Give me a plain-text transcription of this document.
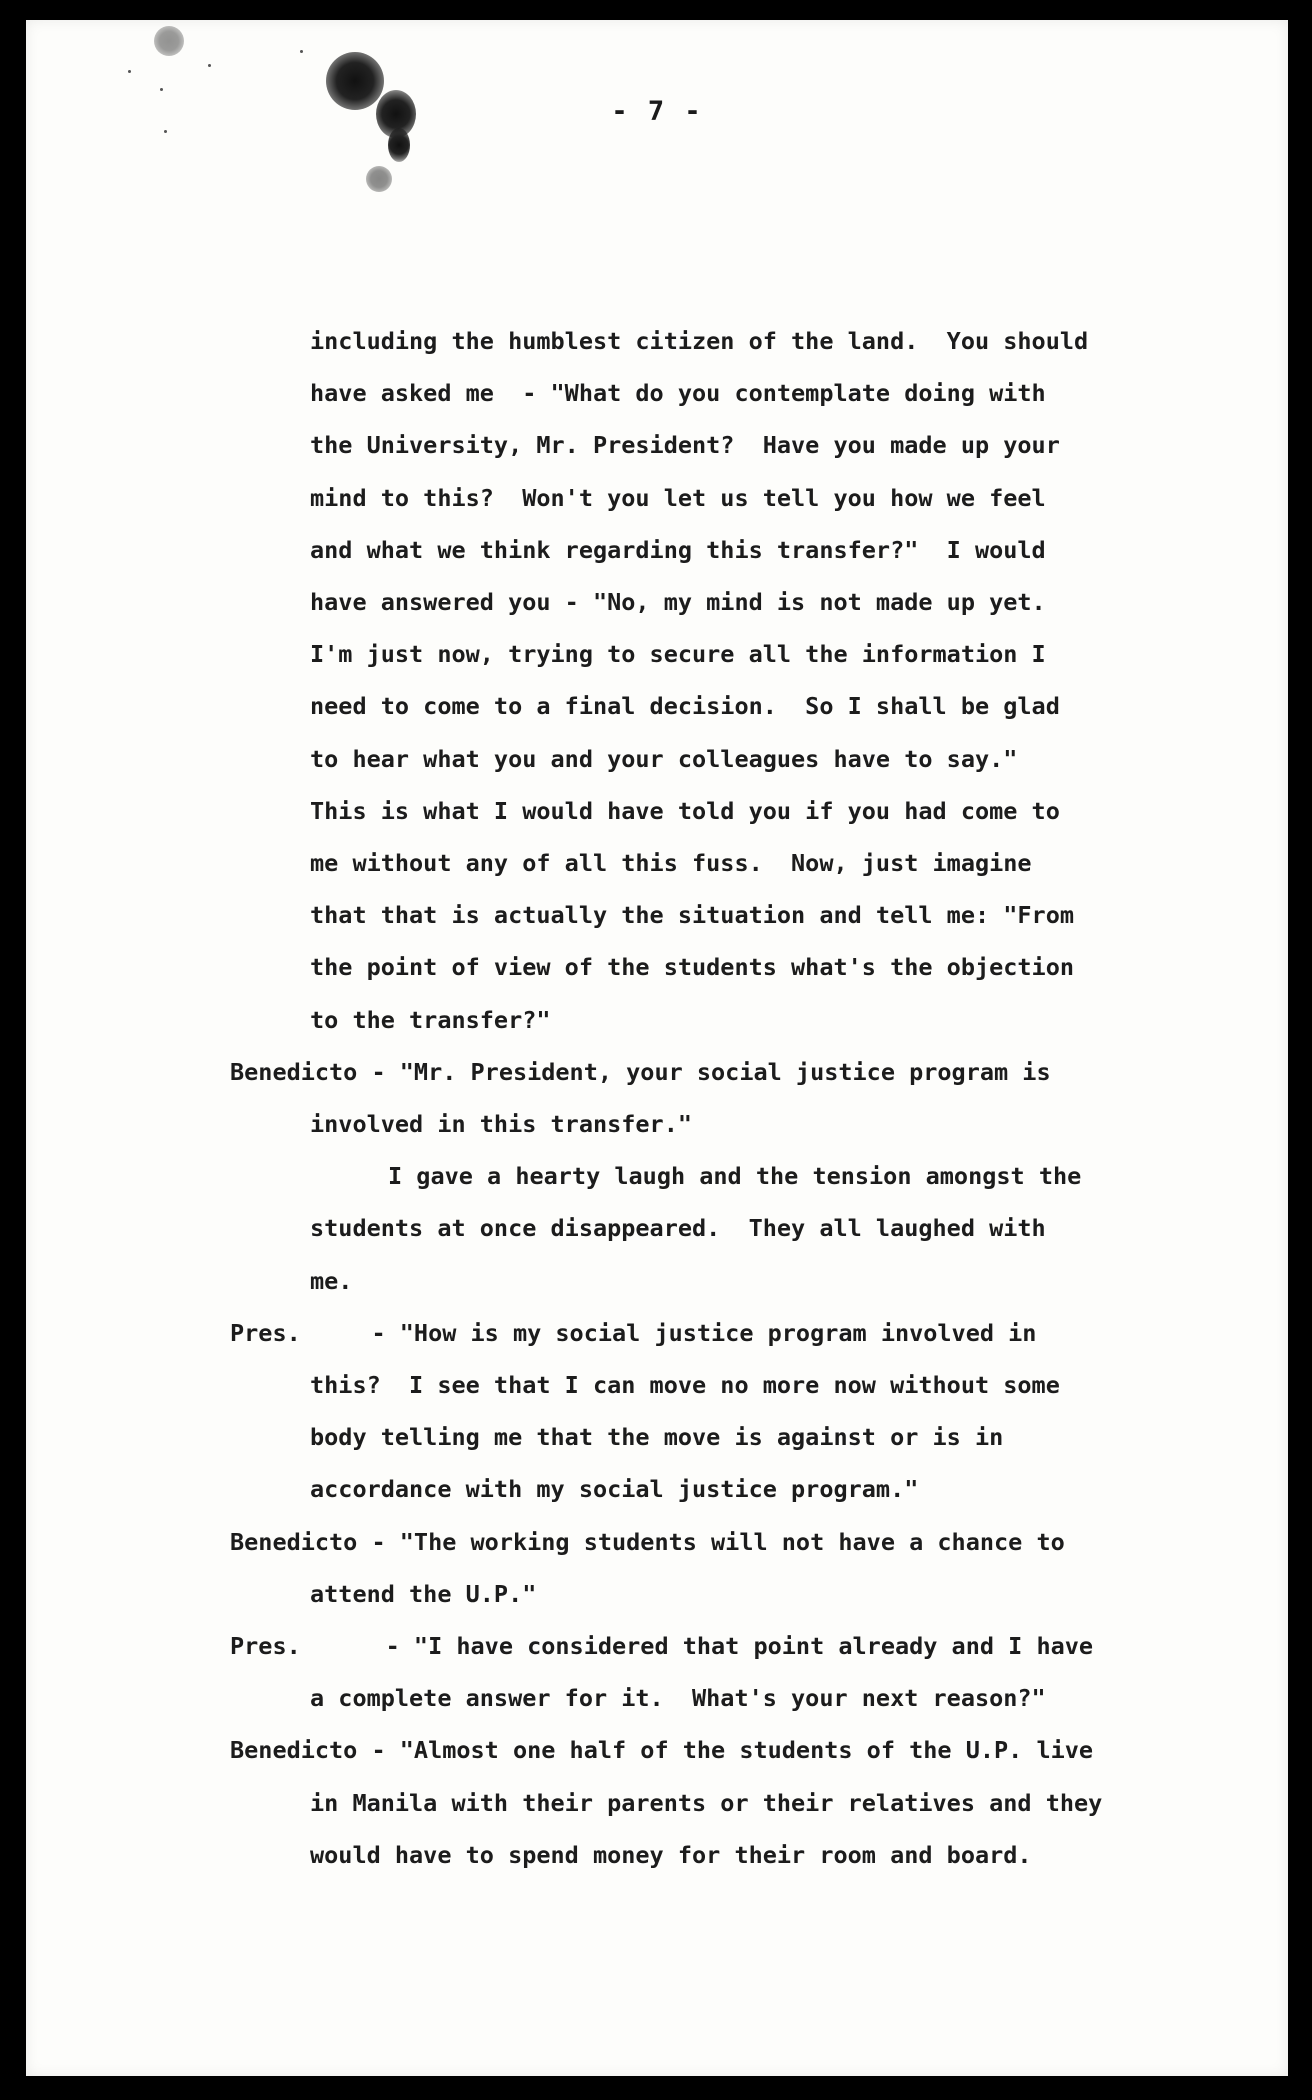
- 7 -
including the humblest citizen of the land.  You should
have asked me  - "What do you contemplate doing with
the University, Mr. President?  Have you made up your
mind to this?  Won't you let us tell you how we feel
and what we think regarding this transfer?"  I would
have answered you - "No, my mind is not made up yet.
I'm just now, trying to secure all the information I
need to come to a final decision.  So I shall be glad
to hear what you and your colleagues have to say."
This is what I would have told you if you had come to
me without any of all this fuss.  Now, just imagine
that that is actually the situation and tell me: "From
the point of view of the students what's the objection
to the transfer?"
Benedicto - "Mr. President, your social justice program is
involved in this transfer."
I gave a hearty laugh and the tension amongst the
students at once disappeared.  They all laughed with
me.
Pres.     - "How is my social justice program involved in
this?  I see that I can move no more now without some
body telling me that the move is against or is in
accordance with my social justice program."
Benedicto - "The working students will not have a chance to
attend the U.P."
Pres.      - "I have considered that point already and I have
a complete answer for it.  What's your next reason?"
Benedicto - "Almost one half of the students of the U.P. live
in Manila with their parents or their relatives and they
would have to spend money for their room and board.
